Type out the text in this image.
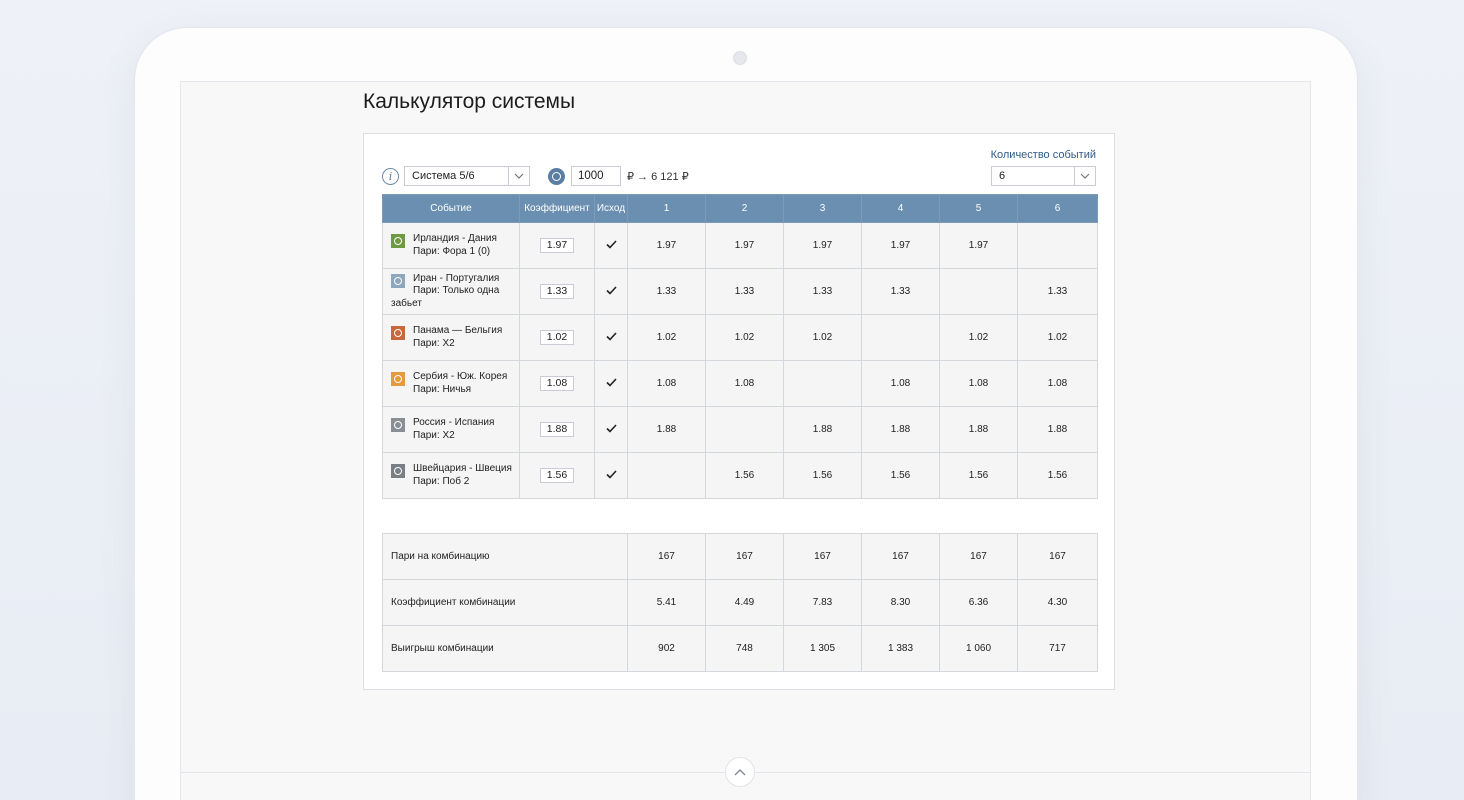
Калькулятор системы
i	Система 5/6	1000	₽ → 6 121 ₽
Количество событий
6
Событие	Коэффициент	Исход	1	2	3	4	5	6

Ирландия - Дания
Пари: Фора 1 (0)	1.97		1.97	1.97	1.97	1.97	1.97	

Иран - Португалия
Пари: Только одна забьет	1.33		1.33	1.33	1.33	1.33		1.33

Панама — Бельгия
Пари: Х2	1.02		1.02	1.02	1.02		1.02	1.02

Сербия - Юж. Корея
Пари: Ничья	1.08		1.08	1.08		1.08	1.08	1.08

Россия - Испания
Пари: Х2	1.88		1.88		1.88	1.88	1.88	1.88

Швейцария - Швеция
Пари: Поб 2	1.56			1.56	1.56	1.56	1.56	1.56
Пари на комбинацию	167	167	167	167	167	167
Коэффициент комбинации	5.41	4.49	7.83	8.30	6.36	4.30
Выигрыш комбинации	902	748	1 305	1 383	1 060	717
